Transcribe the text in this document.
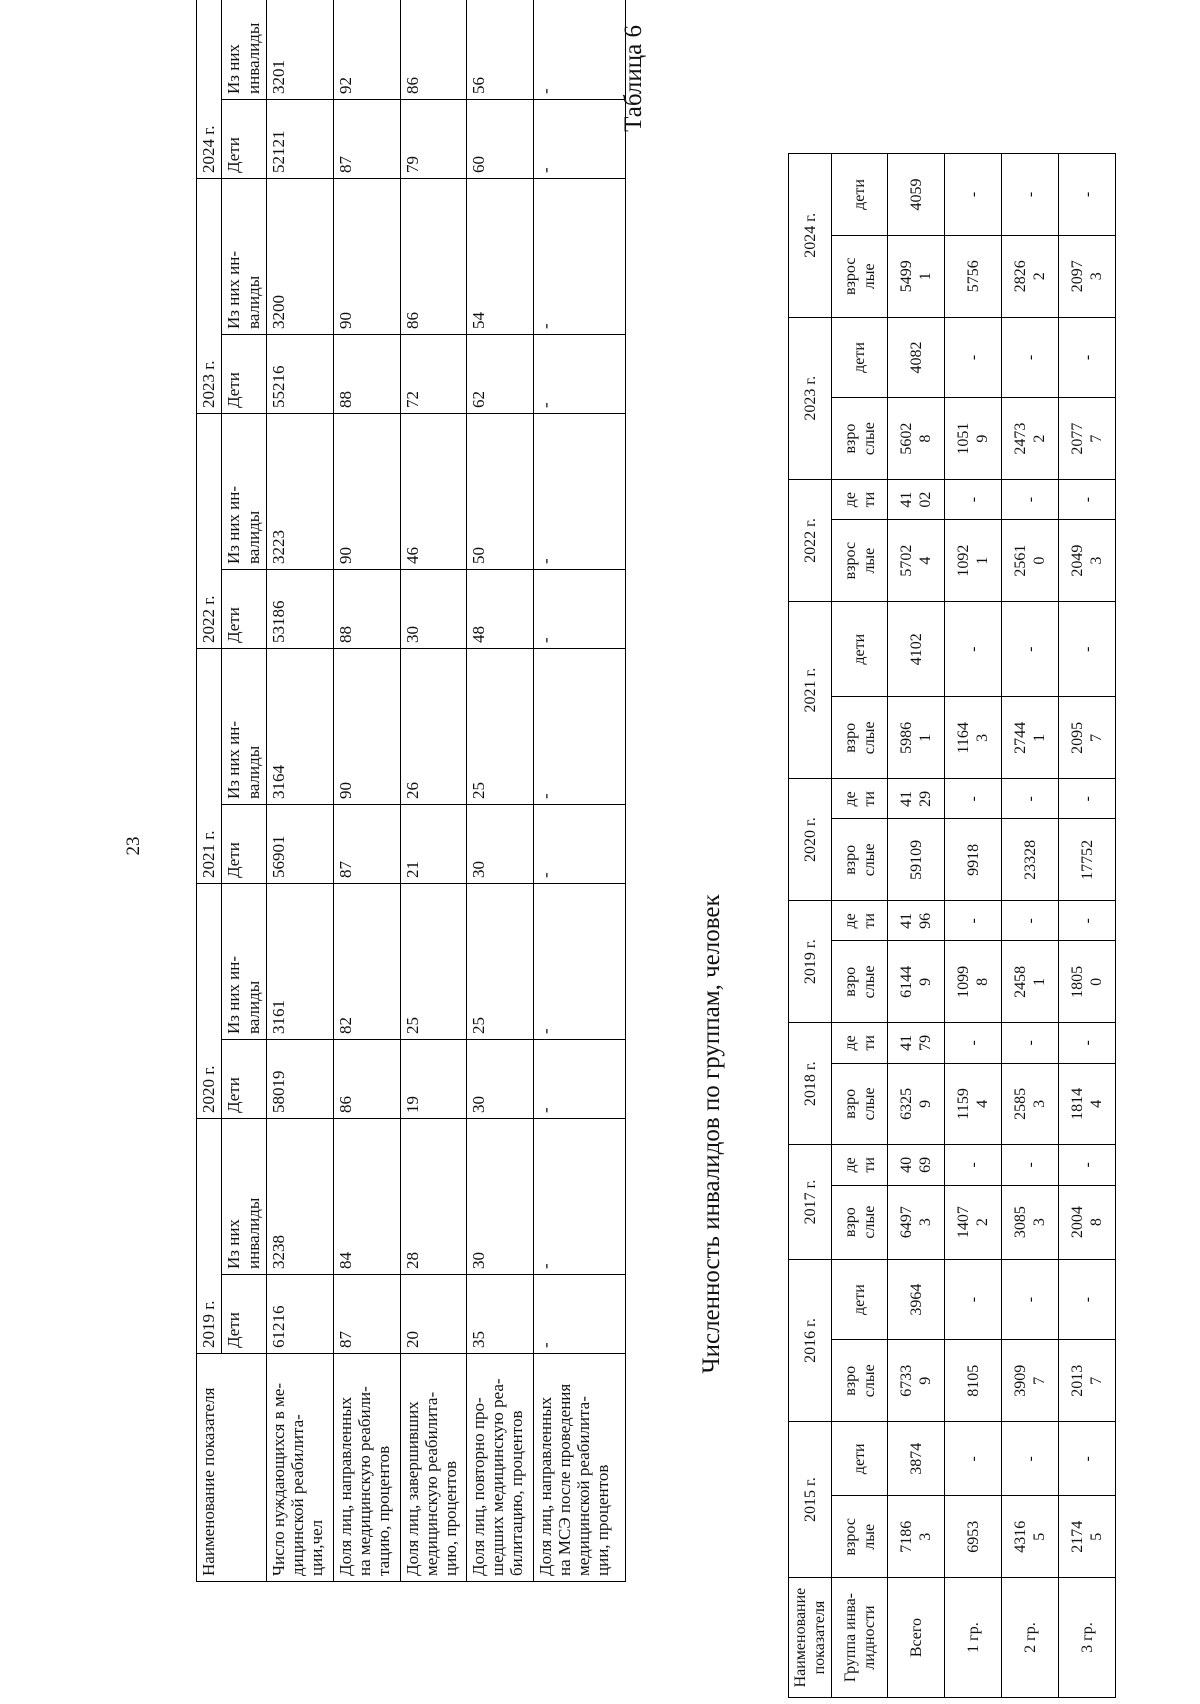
23
Наименование показателя	2019 г.		2020 г.		2021 г.		2022 г.		2023 г.		2024 г.	
	Дети	Из них инвалиды	Дети	Из них ин- валиды	Дети	Из них ин- валиды	Дети	Из них ин- валиды	Дети	Из них ин- валиды	Дети	Из них инвалиды

Число нуждающихся в ме- дицинской реабилита- ции,чел	61216	3238	58019	3161	56901	3164	53186	3223	55216	3200	52121	3201

Доля лиц, направленных на медицинскую реабили- тацию, процентов	87	84	86	82	87	90	88	90	88	90	87	92

Доля лиц, завершивших медицинскую реабилита- цию, процентов	20	28	19	25	21	26	30	46	72	86	79	86

Доля лиц, повторно про- шедших медицинскую реа- билитацию, процентов	35	30	30	25	30	25	48	50	62	54	60	56

Доля лиц, направленных на МСЭ после проведения медицинской реабилита- ции, процентов	-	-	-	-	-	-	-	-	-	-	-	-	Таблица 6
Численность инвалидов по группам, человек
Наименование показателя	2015 г.		2016 г.		2017 г.		2018 г.		2019 г.		2020 г.		2021 г.		2022 г.		2023 г.		2024 г.	

Группа инва- лидности	взрос лые	дети	взро слые	дети	взро слые	де ти	взро слые	де ти	взро слые	де ти	взро слые	де ти	взро слые	дети	взрос лые	де ти	взро слые	дети	взрос лые	дети

Всего	7186 3	3874	6733 9	3964	6497 3	40 69	6325 9	41 79	6144 9	41 96	59109	41 29	5986 1	4102	5702 4	41 02	5602 8	4082	5499 1	4059

1 гр.	6953	-	8105	-	1407 2	-	1159 4	-	1099 8	-	9918	-	1164 3	-	1092 1	-	1051 9	-	5756	-

2 гр.	4316 5	-	3909 7	-	3085 3	-	2585 3	-	2458 1	-	23328	-	2744 1	-	2561 0	-	2473 2	-	2826 2	-

3 гр.	2174 5	-	2013 7	-	2004 8	-	1814 4	-	1805 0	-	17752	-	2095 7	-	2049 3	-	2077 7	-	2097 3	-
